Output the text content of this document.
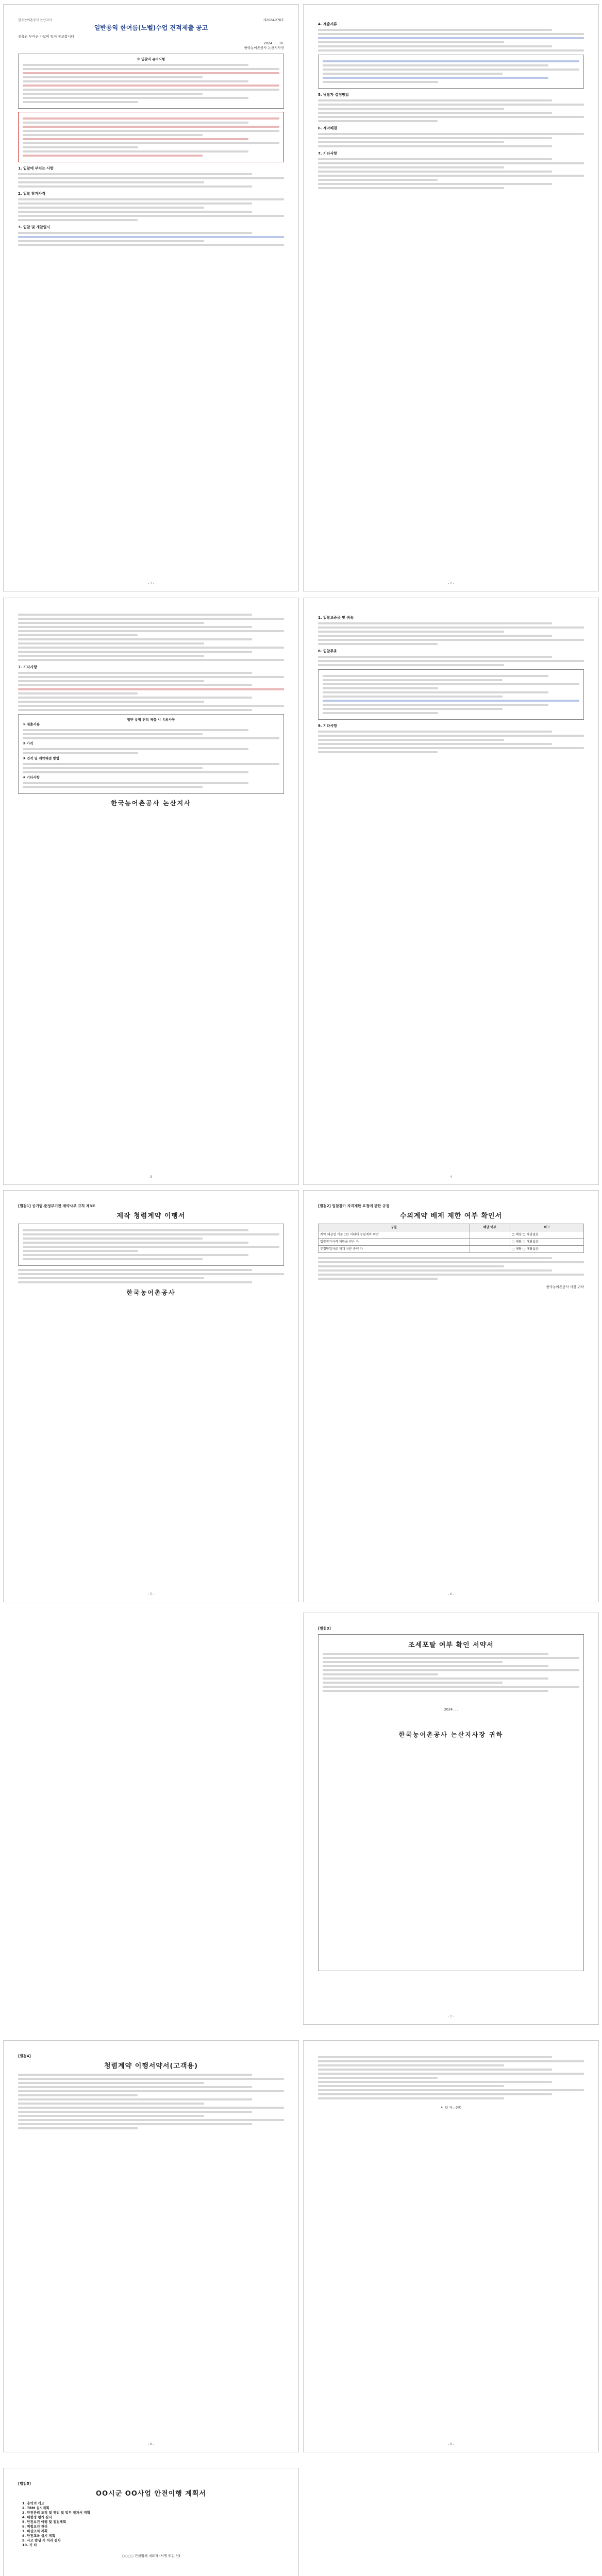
한국농어촌공사 논산지사	제2024-278호
일반용역 한여름(노벨)수업 견적제출 공고
전출된 부여군 가보미 일이 공고합니다
2024. 5. 30.
한국농어촌공사 논산지사장
※ 입찰자 유의사항
1. 입찰에 부치는 사항
2. 입찰 참가자격
3. 입찰 및 개찰일시
- 1 -
4. 제출서류
5. 낙찰자 결정방법
6. 계약체결
7. 기타사항
- 2 -
7. 기타사항
일반 용역 견적 제출 시 유의사항
① 제출서류
② 가격
③ 견적 및 계약체결 방법
④ 기타사항
한국농어촌공사 논산지사
- 3 -
1. 입찰보증금 및 귀속
8. 입찰무효
9. 기타사항
- 4 -
[별첨1] 공기업.준정부기관 계약사무 규칙 제3조
제작 청렴계약 이행서
한국농어촌공사
- 5 -
[별첨2] 입찰참가 자격제한 요청에 관한 규정
수의계약 배제 제한 여부 확인서
구분	해당 여부	비고
계약 체결일 기준 1년 이내에 청렴계약 위반		□ 해당 □ 해당없음
입찰참가자격 제한을 받은 자		□ 해당 □ 해당없음
부정당업자로 제재 처분 중인 자		□ 해당 □ 해당없음
한국농어촌공사 사장 귀하
- 6 -
[별첨3]
조세포탈 여부 확인 서약서
2024. . .
한국농어촌공사 논산지사장 귀하
- 7 -
[별첨4]
청렴계약 이행서약서(고객용)
- 8 -
서 약 자 : (인)
- 9 -
[별첨5]
OO시군 OO사업 안전이행 계획서
1. 용역의 개요
2. TBM 실시계획
3. 안전관리 조직 및 책임 및 업무 절차서 계획
4. 위험성 평가 실시
5. 안전보건 이행 및 점검계획
6. 위험요인 관리
7. 비상조치 계획
8. 안전교육 실시 계획
9. 사고 발생 시 처리 절차
10. 기 타
○○○○ 건설업체 대표자 (서명 또는 인)
